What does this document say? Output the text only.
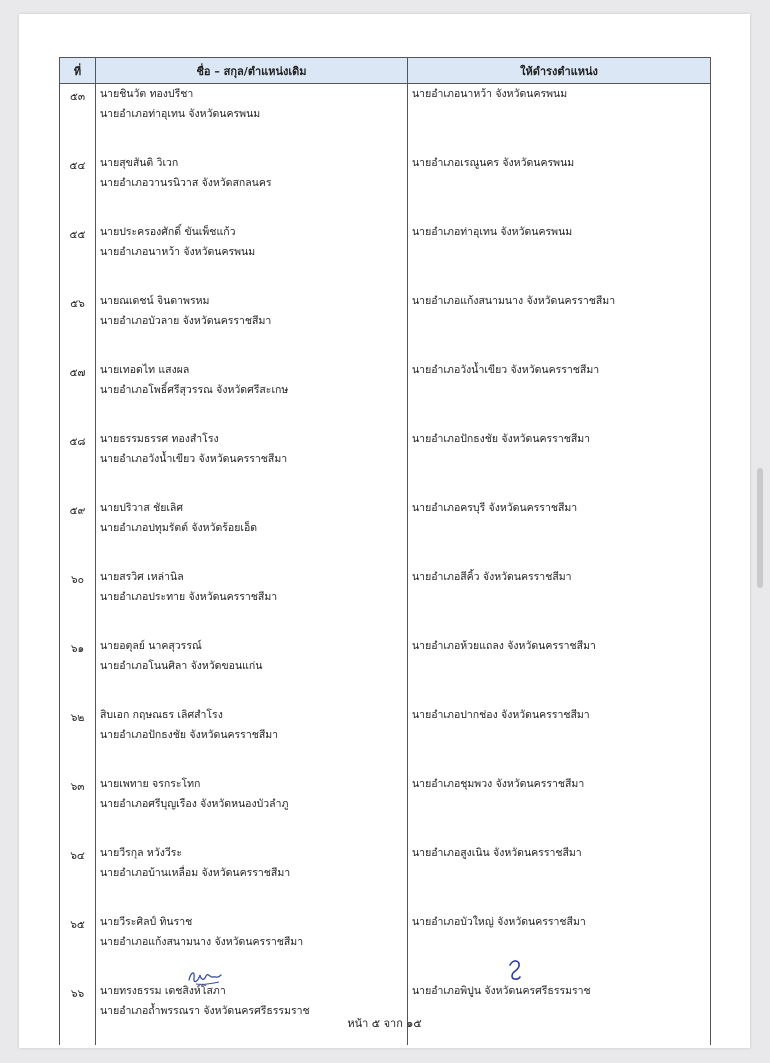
ที่	ชื่อ – สกุล/ตำแหน่งเดิม	ให้ดำรงตำแหน่ง
๕๓	นายชินวัต ทองปรีชา
นายอำเภอท่าอุเทน จังหวัดนครพนม	นายอำเภอนาหว้า จังหวัดนครพนม

๕๔	นายสุขสันติ วิเวก
นายอำเภอวานรนิวาส จังหวัดสกลนคร	นายอำเภอเรณูนคร จังหวัดนครพนม

๕๕	นายประครองศักดิ์ ขันเพ็ชแก้ว
นายอำเภอนาหว้า จังหวัดนครพนม	นายอำเภอท่าอุเทน จังหวัดนครพนม

๕๖	นายณเดชน์ จินดาพรหม
นายอำเภอบัวลาย จังหวัดนครราชสีมา	นายอำเภอแก้งสนามนาง จังหวัดนครราชสีมา

๕๗	นายเทอดไท แสงผล
นายอำเภอโพธิ์ศรีสุวรรณ จังหวัดศรีสะเกษ	นายอำเภอวังน้ำเขียว จังหวัดนครราชสีมา

๕๘	นายธรรมธรรศ ทองสำโรง
นายอำเภอวังน้ำเขียว จังหวัดนครราชสีมา	นายอำเภอปักธงชัย จังหวัดนครราชสีมา

๕๙	นายปริวาส ชัยเลิศ
นายอำเภอปทุมรัตต์ จังหวัดร้อยเอ็ด	นายอำเภอครบุรี จังหวัดนครราชสีมา

๖๐	นายสรวิศ เหล่านิล
นายอำเภอประทาย จังหวัดนครราชสีมา	นายอำเภอสีคิ้ว จังหวัดนครราชสีมา

๖๑	นายอตุลย์ นาคสุวรรณ์
นายอำเภอโนนศิลา จังหวัดขอนแก่น	นายอำเภอห้วยแถลง จังหวัดนครราชสีมา

๖๒	สิบเอก กฤษณธร เลิศสำโรง
นายอำเภอปักธงชัย จังหวัดนครราชสีมา	นายอำเภอปากช่อง จังหวัดนครราชสีมา

๖๓	นายเพทาย จรกระโทก
นายอำเภอศรีบุญเรือง จังหวัดหนองบัวลำภู	นายอำเภอชุมพวง จังหวัดนครราชสีมา

๖๔	นายวีรกุล หวังวีระ
นายอำเภอบ้านเหลื่อม จังหวัดนครราชสีมา	นายอำเภอสูงเนิน จังหวัดนครราชสีมา

๖๕	นายวีระศิลป์ ทินราช
นายอำเภอแก้งสนามนาง จังหวัดนครราชสีมา	นายอำเภอบัวใหญ่ จังหวัดนครราชสีมา

๖๖	นายทรงธรรม เดชสิงห์โสภา
นายอำเภอถ้ำพรรณรา จังหวัดนครศรีธรรมราช	นายอำเภอพิปูน จังหวัดนครศรีธรรมราช
หน้า ๕ จาก ๑๕
